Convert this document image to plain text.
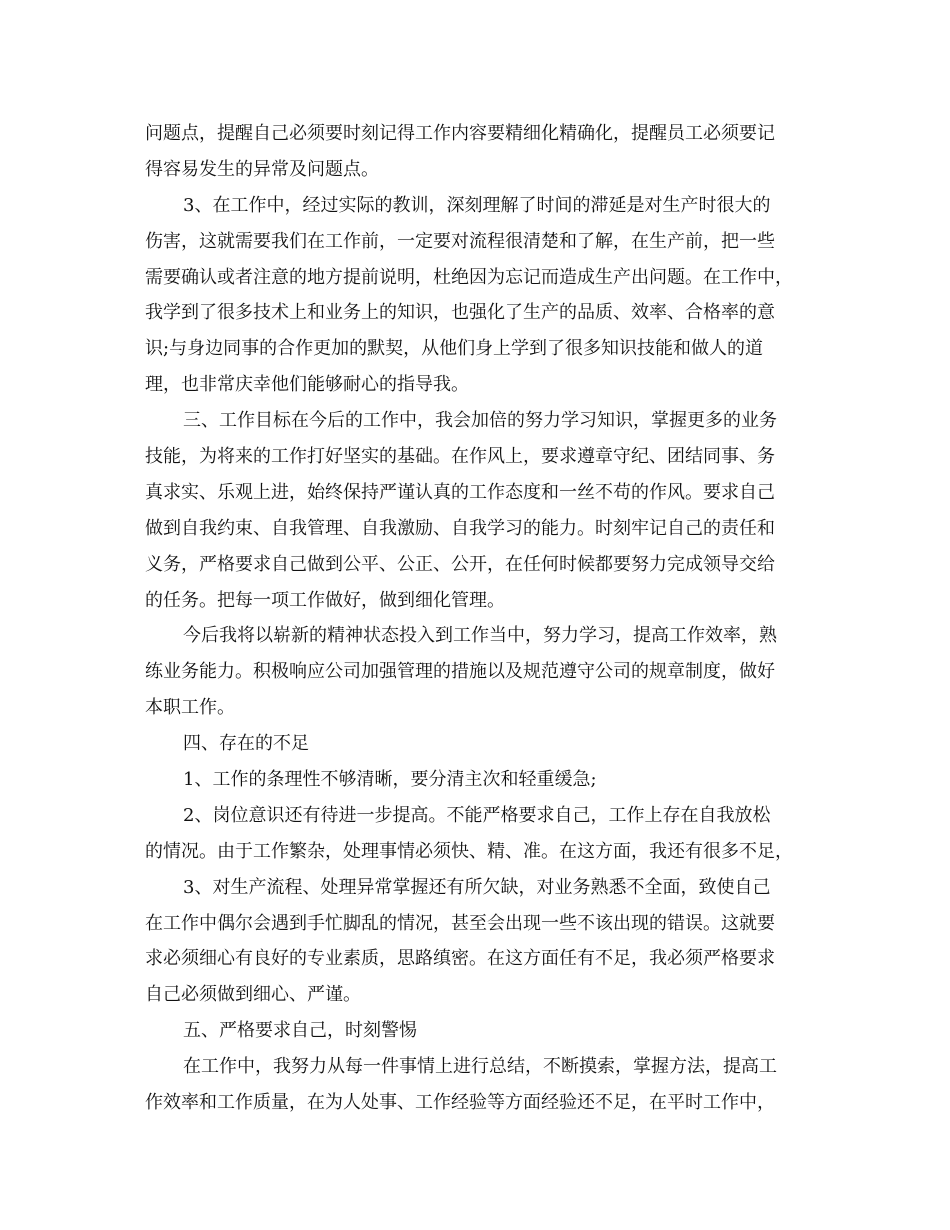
问题点，提醒自己必须要时刻记得工作内容要精细化精确化，提醒员工必须要记
得容易发生的异常及问题点。
3、在工作中，经过实际的教训，深刻理解了时间的滞延是对生产时很大的
伤害，这就需要我们在工作前，一定要对流程很清楚和了解，在生产前，把一些
需要确认或者注意的地方提前说明，杜绝因为忘记而造成生产出问题。在工作中，
我学到了很多技术上和业务上的知识，也强化了生产的品质、效率、合格率的意
识;与身边同事的合作更加的默契，从他们身上学到了很多知识技能和做人的道
理，也非常庆幸他们能够耐心的指导我。
三、工作目标在今后的工作中，我会加倍的努力学习知识，掌握更多的业务
技能，为将来的工作打好坚实的基础。在作风上，要求遵章守纪、团结同事、务
真求实、乐观上进，始终保持严谨认真的工作态度和一丝不苟的作风。要求自己
做到自我约束、自我管理、自我激励、自我学习的能力。时刻牢记自己的责任和
义务，严格要求自己做到公平、公正、公开，在任何时候都要努力完成领导交给
的任务。把每一项工作做好，做到细化管理。
今后我将以崭新的精神状态投入到工作当中，努力学习，提高工作效率，熟
练业务能力。积极响应公司加强管理的措施以及规范遵守公司的规章制度，做好
本职工作。
四、存在的不足
1、工作的条理性不够清晰，要分清主次和轻重缓急;
2、岗位意识还有待进一步提高。不能严格要求自己，工作上存在自我放松
的情况。由于工作繁杂，处理事情必须快、精、准。在这方面，我还有很多不足，
3、对生产流程、处理异常掌握还有所欠缺，对业务熟悉不全面，致使自己
在工作中偶尔会遇到手忙脚乱的情况，甚至会出现一些不该出现的错误。这就要
求必须细心有良好的专业素质，思路缜密。在这方面任有不足，我必须严格要求
自己必须做到细心、严谨。
五、严格要求自己，时刻警惕
在工作中，我努力从每一件事情上进行总结，不断摸索，掌握方法，提高工
作效率和工作质量，在为人处事、工作经验等方面经验还不足，在平时工作中，
